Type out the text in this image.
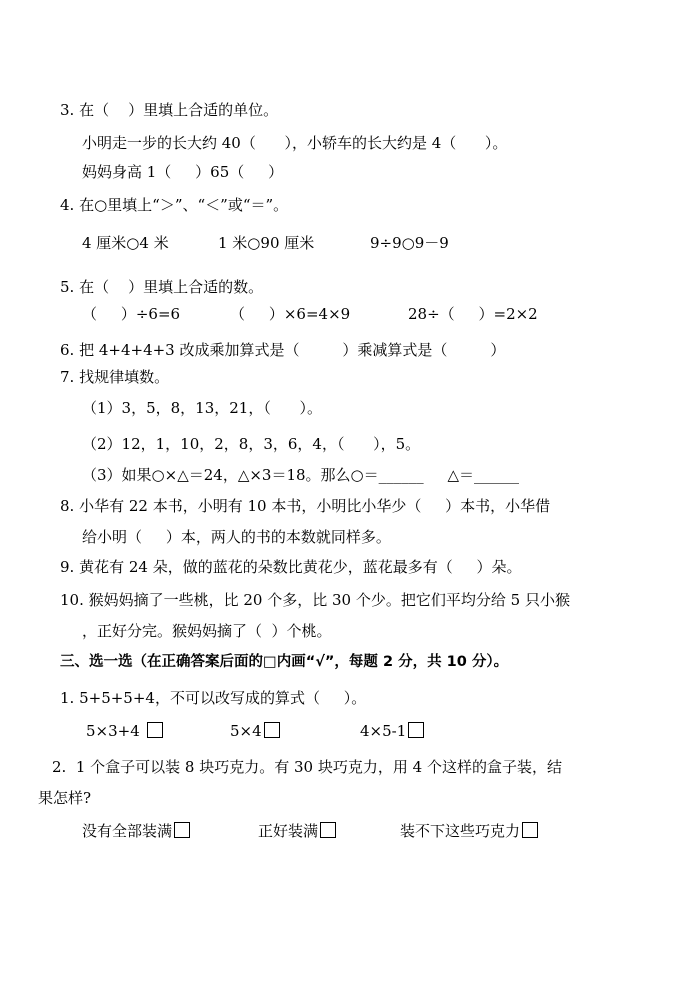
3. 在（    ）里填上合适的单位。
小明走一步的长大约 40（      ），小轿车的长大约是 4（      ）。
妈妈身高 1（     ）65（     ）
4. 在○里填上“＞”、“＜”或“＝”。
4 厘米○4 米	1 米○90 厘米	9÷9○9－9
5. 在（    ）里填上合适的数。
（     ）÷6=6	（     ）×6=4×9	28÷（     ）=2×2
6. 把 4+4+4+3 改成乘加算式是（         ）乘减算式是（         ）
7. 找规律填数。
（1）3，5，8，13，21，（      ）。
（2）12，1，10，2，8，3，6，4，（      ），5。
（3）如果○×△＝24，△×3＝18。那么○＝______     △＝______
8. 小华有 22 本书，小明有 10 本书，小明比小华少（     ）本书，小华借
给小明（     ）本，两人的书的本数就同样多。
9. 黄花有 24 朵，做的蓝花的朵数比黄花少，蓝花最多有（     ）朵。
10. 猴妈妈摘了一些桃，比 20 个多，比 30 个少。把它们平均分给 5 只小猴
，正好分完。猴妈妈摘了（  ）个桃。
三、选一选（在正确答案后面的□内画“√”，每题 2 分，共 10 分）。
1. 5+5+5+4，不可以改写成的算式（     ）。
5×3+4	5×4	4×5-1
2.  1 个盒子可以装 8 块巧克力。有 30 块巧克力，用 4 个这样的盒子装，结
果怎样?
没有全部装满	正好装满	装不下这些巧克力
